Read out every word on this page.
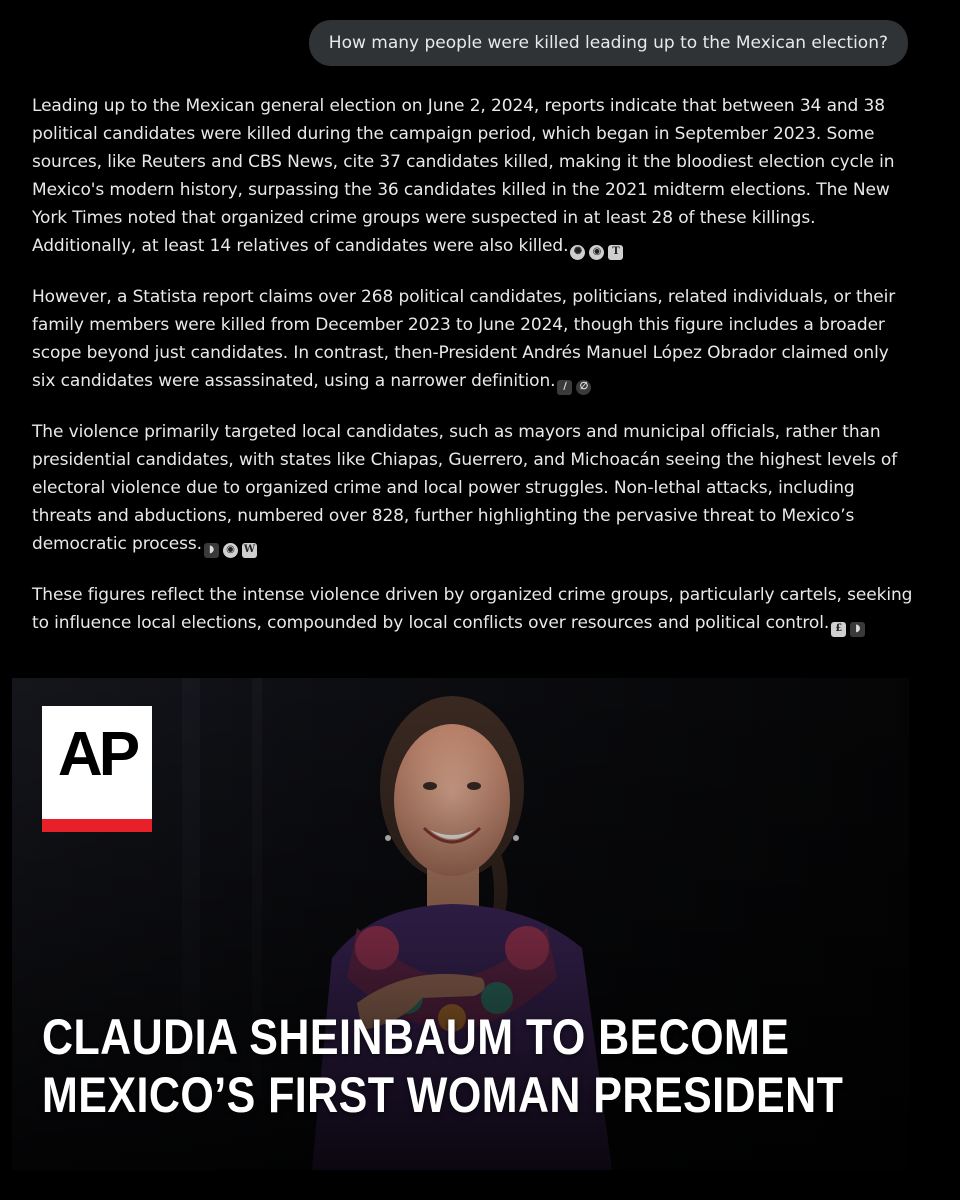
How many people were killed leading up to the Mexican election?

Leading up to the Mexican general election on June 2, 2024, reports indicate that between 34 and 38 political candidates were killed during the campaign period, which began in September 2023. Some sources, like Reuters and CBS News, cite 37 candidates killed, making it the bloodiest election cycle in Mexico's modern history, surpassing the 36 candidates killed in the 2021 midterm elections. The New York Times noted that organized crime groups were suspected in at least 28 of these killings. Additionally, at least 14 relatives of candidates were also killed. ✺	◉	T

However, a Statista report claims over 268 political candidates, politicians, related individuals, or their family members were killed from December 2023 to June 2024, though this figure includes a broader scope beyond just candidates. In contrast, then-President Andrés Manuel López Obrador claimed only six candidates were assassinated, using a narrower definition. ∕	∅

The violence primarily targeted local candidates, such as mayors and municipal officials, rather than presidential candidates, with states like Chiapas, Guerrero, and Michoacán seeing the highest levels of electoral violence due to organized crime and local power struggles. Non-lethal attacks, including threats and abductions, numbered over 828, further highlighting the pervasive threat to Mexico’s democratic process. ◗	◉ W

These figures reflect the intense violence driven by organized crime groups, particularly cartels, seeking to influence local elections, compounded by local conflicts over resources and political control. £	◗

AP
CLAUDIA SHEINBAUM TO BECOME
MEXICO’S FIRST WOMAN PRESIDENT
